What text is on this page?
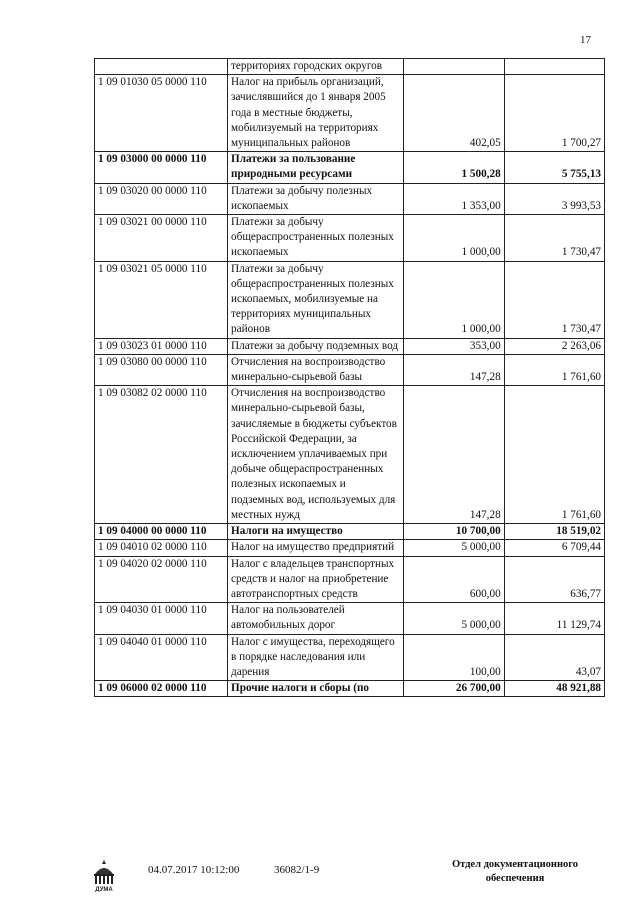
17
	территориях городских округов		
1 09 01030 05 0000 110	Налог на прибыль организаций, зачислявшийся до 1 января 2005 года в местные бюджеты, мобилизуемый на территориях муниципальных районов	402,05	1 700,27
1 09 03000 00 0000 110	Платежи за пользование природными ресурсами	1 500,28	5 755,13
1 09 03020 00 0000 110	Платежи за добычу полезных ископаемых	1 353,00	3 993,53
1 09 03021 00 0000 110	Платежи за добычу общераспространенных полезных ископаемых	1 000,00	1 730,47
1 09 03021 05 0000 110	Платежи за добычу общераспространенных полезных ископаемых, мобилизуемые на территориях муниципальных районов	1 000,00	1 730,47
1 09 03023 01 0000 110	Платежи за добычу подземных вод	353,00	2 263,06
1 09 03080 00 0000 110	Отчисления на воспроизводство минерально-сырьевой базы	147,28	1 761,60
1 09 03082 02 0000 110	Отчисления на воспроизводство минерально-сырьевой базы, зачисляемые в бюджеты субъектов Российской Федерации, за исключением уплачиваемых при добыче общераспространенных полезных ископаемых и подземных вод, используемых для местных нужд	147,28	1 761,60
1 09 04000 00 0000 110	Налоги на имущество	10 700,00	18 519,02
1 09 04010 02 0000 110	Налог на имущество предприятий	5 000,00	6 709,44
1 09 04020 02 0000 110	Налог с владельцев транспортных средств и налог на приобретение автотранспортных средств	600,00	636,77
1 09 04030 01 0000 110	Налог на пользователей автомобильных дорог	5 000,00	11 129,74
1 09 04040 01 0000 110	Налог с имущества, переходящего в порядке наследования или дарения	100,00	43,07
1 09 06000 02 0000 110	Прочие налоги и сборы (по	26 700,00	48 921,88
ДУМА
04.07.2017 10:12:00	36082/1-9	Отдел документационного обеспечения
